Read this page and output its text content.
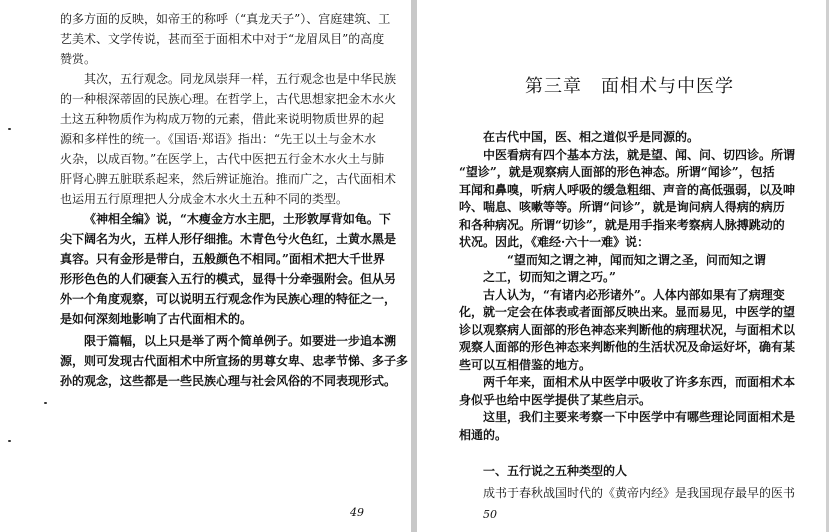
的多方面的反映，如帝王的称呼（“真龙天子”）、宫庭建筑、工
艺美术、文学传说，甚而至于面相术中对于“龙眉凤目”的高度
赞赏。
其次，五行观念。同龙凤崇拜一样，五行观念也是中华民族
的一种根深蒂固的民族心理。在哲学上，古代思想家把金木水火
土这五种物质作为构成万物的元素，借此来说明物质世界的起
源和多样性的统一。《国语·郑语》指出：“先王以土与金木水
火杂，以成百物。”在医学上，古代中医把五行金木水火土与肺
肝肾心脾五脏联系起来，然后辨证施治。推而广之，古代面相术
也运用五行原理把人分成金木水火土五种不同的类型。
《神相全编》说，“木瘦金方水主肥，土形敦厚背如龟。下
尖下阔名为火，五样人形仔细推。木青色兮火色红，土黄水黑是
真容。只有金形是带白，五般颜色不相同。”面相术把大千世界
形形色色的人们硬套入五行的模式，显得十分牵强附会。但从另
外一个角度观察，可以说明五行观念作为民族心理的特征之一，
是如何深刻地影响了古代面相术的。
限于篇幅，以上只是举了两个简单例子。如要进一步追本溯
源，则可发现古代面相术中所宣扬的男尊女卑、忠孝节悌、多子多
孙的观念，这些都是一些民族心理与社会风俗的不同表现形式。
49
第三章　面相术与中医学
在古代中国，医、相之道似乎是同源的。
中医看病有四个基本方法，就是望、闻、问、切四诊。所谓
“望诊”，就是观察病人面部的形色神态。所谓“闻诊”，包括
耳闻和鼻嗅，听病人呼吸的缓急粗细、声音的高低强弱，以及呻
吟、喘息、咳嗽等等。所谓“问诊”，就是询问病人得病的病历
和各种病况。所谓“切诊”，就是用手指来考察病人脉搏跳动的
状况。因此，《难经·六十一难》说：
“望而知之谓之神，闻而知之谓之圣，问而知之谓
之工，切而知之谓之巧。”
古人认为，“有诸内必形诸外”。人体内部如果有了病理变
化，就一定会在体表或者面部反映出来。显而易见，中医学的望
诊以观察病人面部的形色神态来判断他的病理状况，与面相术以
观察人面部的形色神态来判断他的生活状况及命运好坏，确有某
些可以互相借鉴的地方。
两千年来，面相术从中医学中吸收了许多东西，而面相术本
身似乎也给中医学提供了某些启示。
这里，我们主要来考察一下中医学中有哪些理论同面相术是
相通的。
一、五行说之五种类型的人
成书于春秋战国时代的《黄帝内经》是我国现存最早的医书
50
